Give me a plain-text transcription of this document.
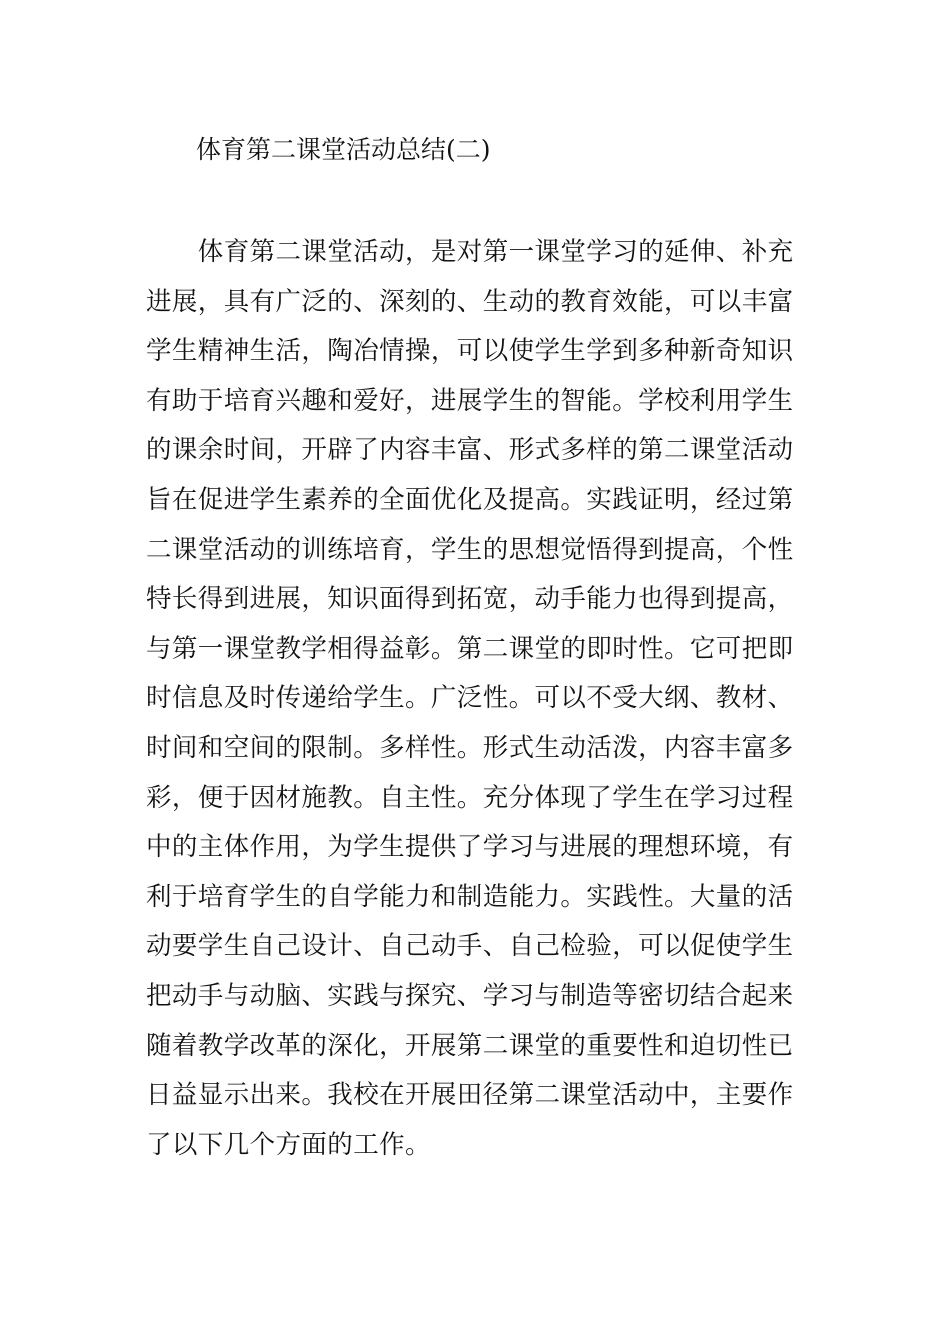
体育第二课堂活动总结(二)
　　体育第二课堂活动，是对第一课堂学习的延伸、补充
进展，具有广泛的、深刻的、生动的教育效能，可以丰富
学生精神生活，陶冶情操，可以使学生学到多种新奇知识
有助于培育兴趣和爱好，进展学生的智能。学校利用学生
的课余时间，开辟了内容丰富、形式多样的第二课堂活动
旨在促进学生素养的全面优化及提高。实践证明，经过第
二课堂活动的训练培育，学生的思想觉悟得到提高，个性
特长得到进展，知识面得到拓宽，动手能力也得到提高，
与第一课堂教学相得益彰。第二课堂的即时性。它可把即
时信息及时传递给学生。广泛性。可以不受大纲、教材、
时间和空间的限制。多样性。形式生动活泼，内容丰富多
彩，便于因材施教。自主性。充分体现了学生在学习过程
中的主体作用，为学生提供了学习与进展的理想环境，有
利于培育学生的自学能力和制造能力。实践性。大量的活
动要学生自己设计、自己动手、自己检验，可以促使学生
把动手与动脑、实践与探究、学习与制造等密切结合起来
随着教学改革的深化，开展第二课堂的重要性和迫切性已
日益显示出来。我校在开展田径第二课堂活动中，主要作
了以下几个方面的工作。
